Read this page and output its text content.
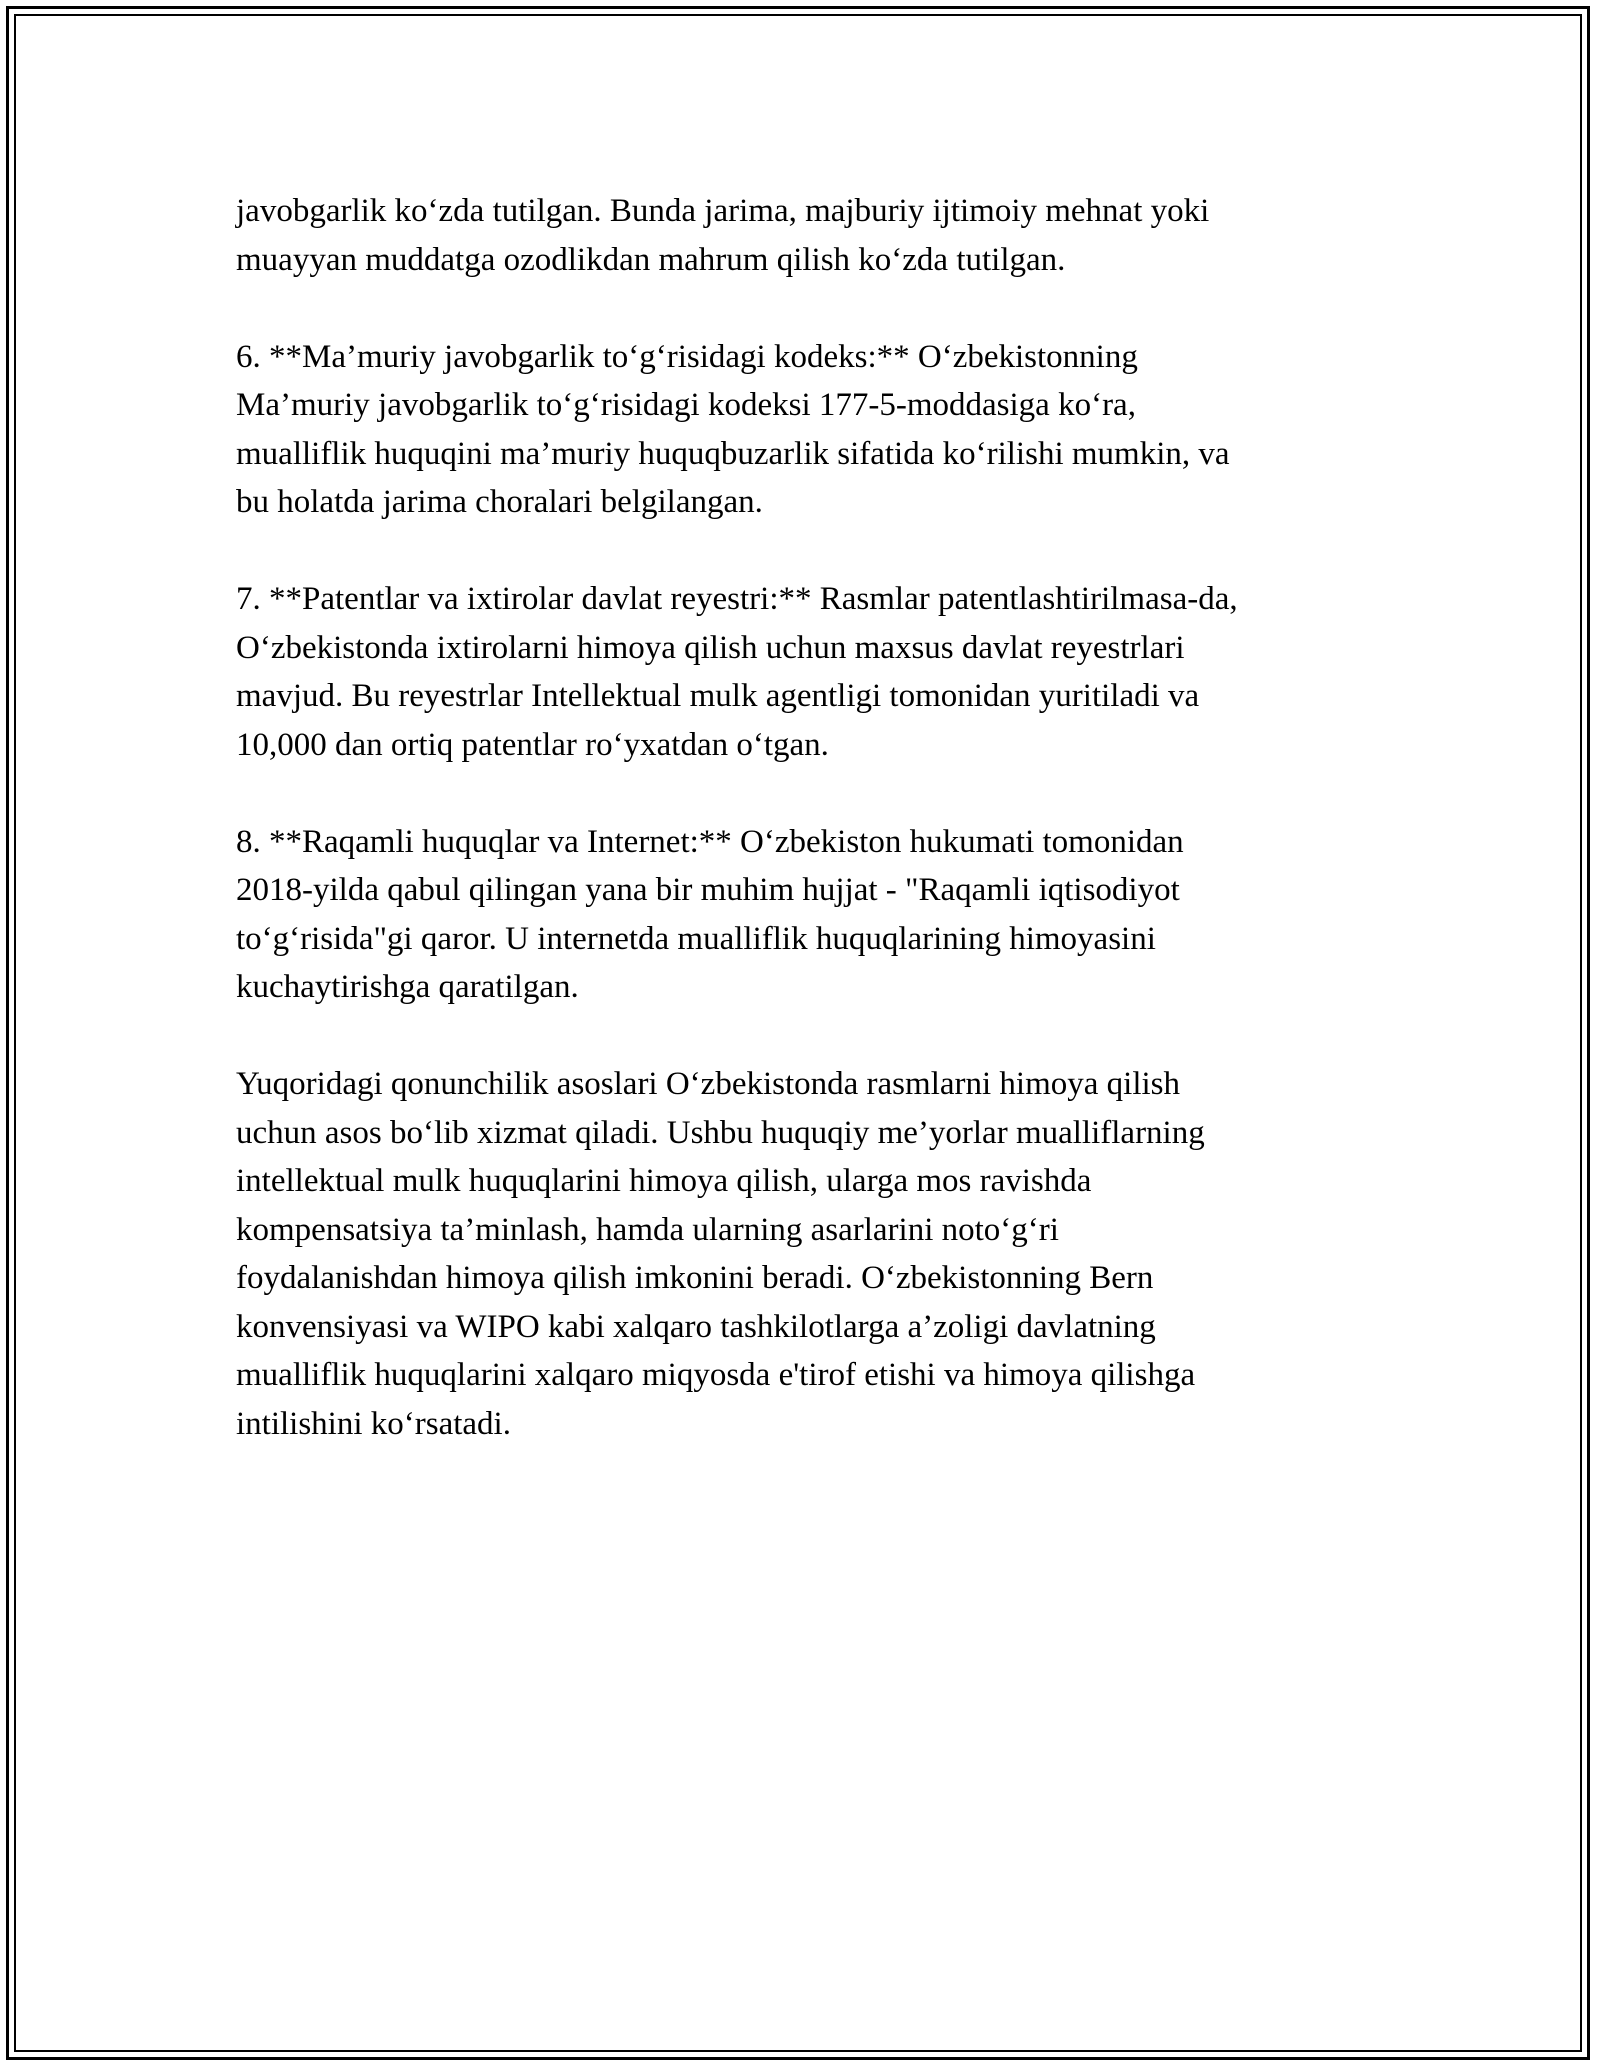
javobgarlik ko‘zda tutilgan. Bunda jarima, majburiy ijtimoiy mehnat yoki
muayyan muddatga ozodlikdan mahrum qilish ko‘zda tutilgan.

6. **Ma’muriy javobgarlik to‘g‘risidagi kodeks:** O‘zbekistonning
Ma’muriy javobgarlik to‘g‘risidagi kodeksi 177-5-moddasiga ko‘ra,
mualliflik huquqini ma’muriy huquqbuzarlik sifatida ko‘rilishi mumkin, va
bu holatda jarima choralari belgilangan.

7. **Patentlar va ixtirolar davlat reyestri:** Rasmlar patentlashtirilmasa-da,
O‘zbekistonda ixtirolarni himoya qilish uchun maxsus davlat reyestrlari
mavjud. Bu reyestrlar Intellektual mulk agentligi tomonidan yuritiladi va
10,000 dan ortiq patentlar ro‘yxatdan o‘tgan.

8. **Raqamli huquqlar va Internet:** O‘zbekiston hukumati tomonidan
2018-yilda qabul qilingan yana bir muhim hujjat - "Raqamli iqtisodiyot
to‘g‘risida"gi qaror. U internetda mualliflik huquqlarining himoyasini
kuchaytirishga qaratilgan.

Yuqoridagi qonunchilik asoslari O‘zbekistonda rasmlarni himoya qilish
uchun asos bo‘lib xizmat qiladi. Ushbu huquqiy me’yorlar mualliflarning
intellektual mulk huquqlarini himoya qilish, ularga mos ravishda
kompensatsiya ta’minlash, hamda ularning asarlarini noto‘g‘ri
foydalanishdan himoya qilish imkonini beradi. O‘zbekistonning Bern
konvensiyasi va WIPO kabi xalqaro tashkilotlarga a’zoligi davlatning
mualliflik huquqlarini xalqaro miqyosda e'tirof etishi va himoya qilishga
intilishini ko‘rsatadi.
